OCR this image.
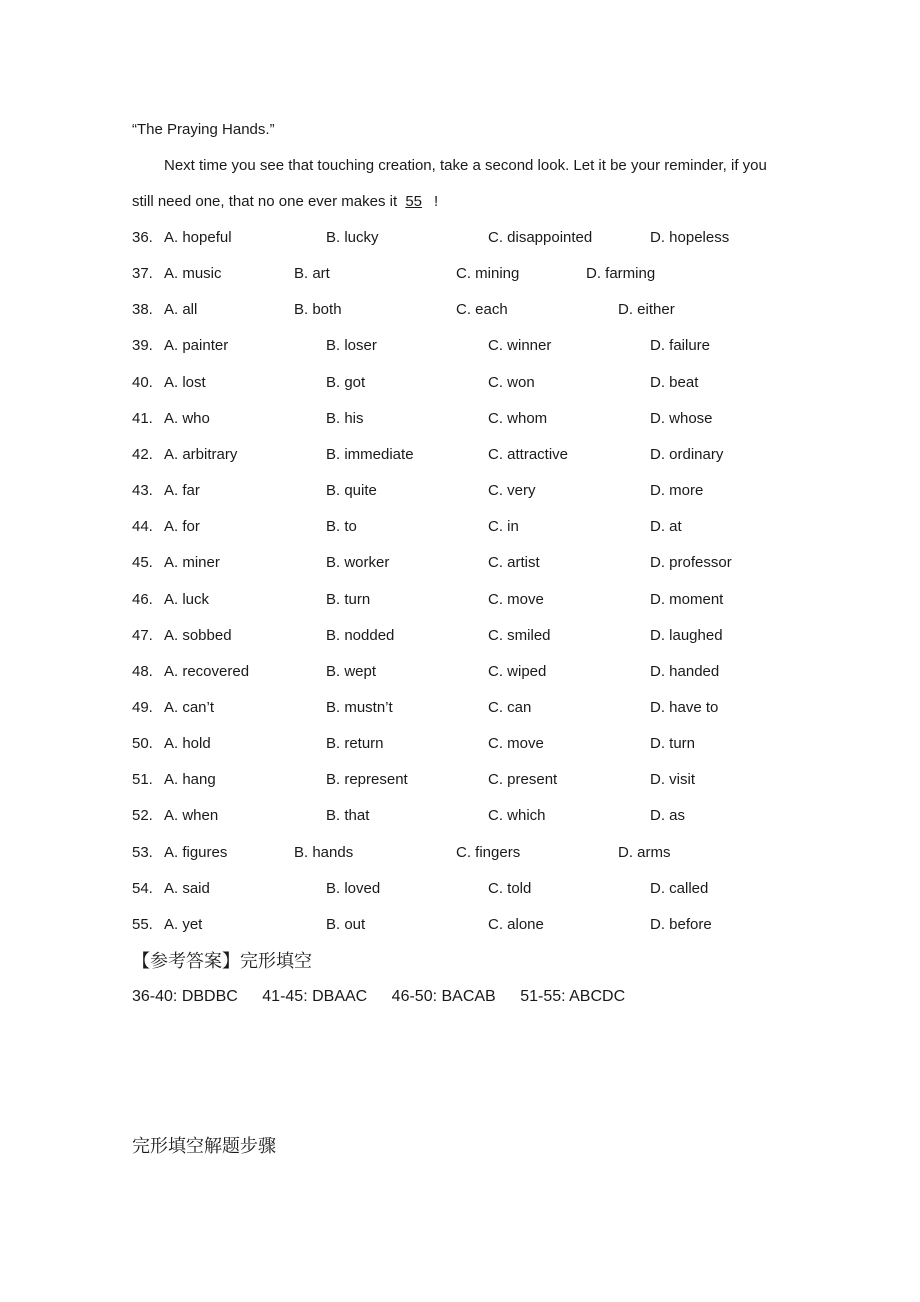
“The Praying Hands.”
Next time you see that touching creation, take a second look. Let it be your reminder, if you
still need one, that no one ever makes it 55 !
36. A. hopeful	B. lucky	C. disappointed	D. hopeless
37. A. music	B. art	C. mining	D. farming
38. A. all	B. both	C. each	D. either
39. A. painter	B. loser	C. winner	D. failure
40. A. lost	B. got	C. won	D. beat
41. A. who	B. his	C. whom	D. whose
42. A. arbitrary	B. immediate	C. attractive	D. ordinary
43. A. far	B. quite	C. very	D. more
44. A. for	B. to	C. in	D. at
45. A. miner	B. worker	C. artist	D. professor
46. A. luck	B. turn	C. move	D. moment
47. A. sobbed	B. nodded	C. smiled	D. laughed
48. A. recovered	B. wept	C. wiped	D. handed
49. A. can’t	B. mustn’t	C. can	D. have to
50. A. hold	B. return	C. move	D. turn
51. A. hang	B. represent	C. present	D. visit
52. A. when	B. that	C. which	D. as
53. A. figures	B. hands	C. fingers	D. arms
54. A. said	B. loved	C. told	D. called
55. A. yet	B. out	C. alone	D. before
【参考答案】完形填空
36-40: DBDBC 41-45: DBAAC 46-50: BACAB 51-55: ABCDC
完形填空解题步骤
